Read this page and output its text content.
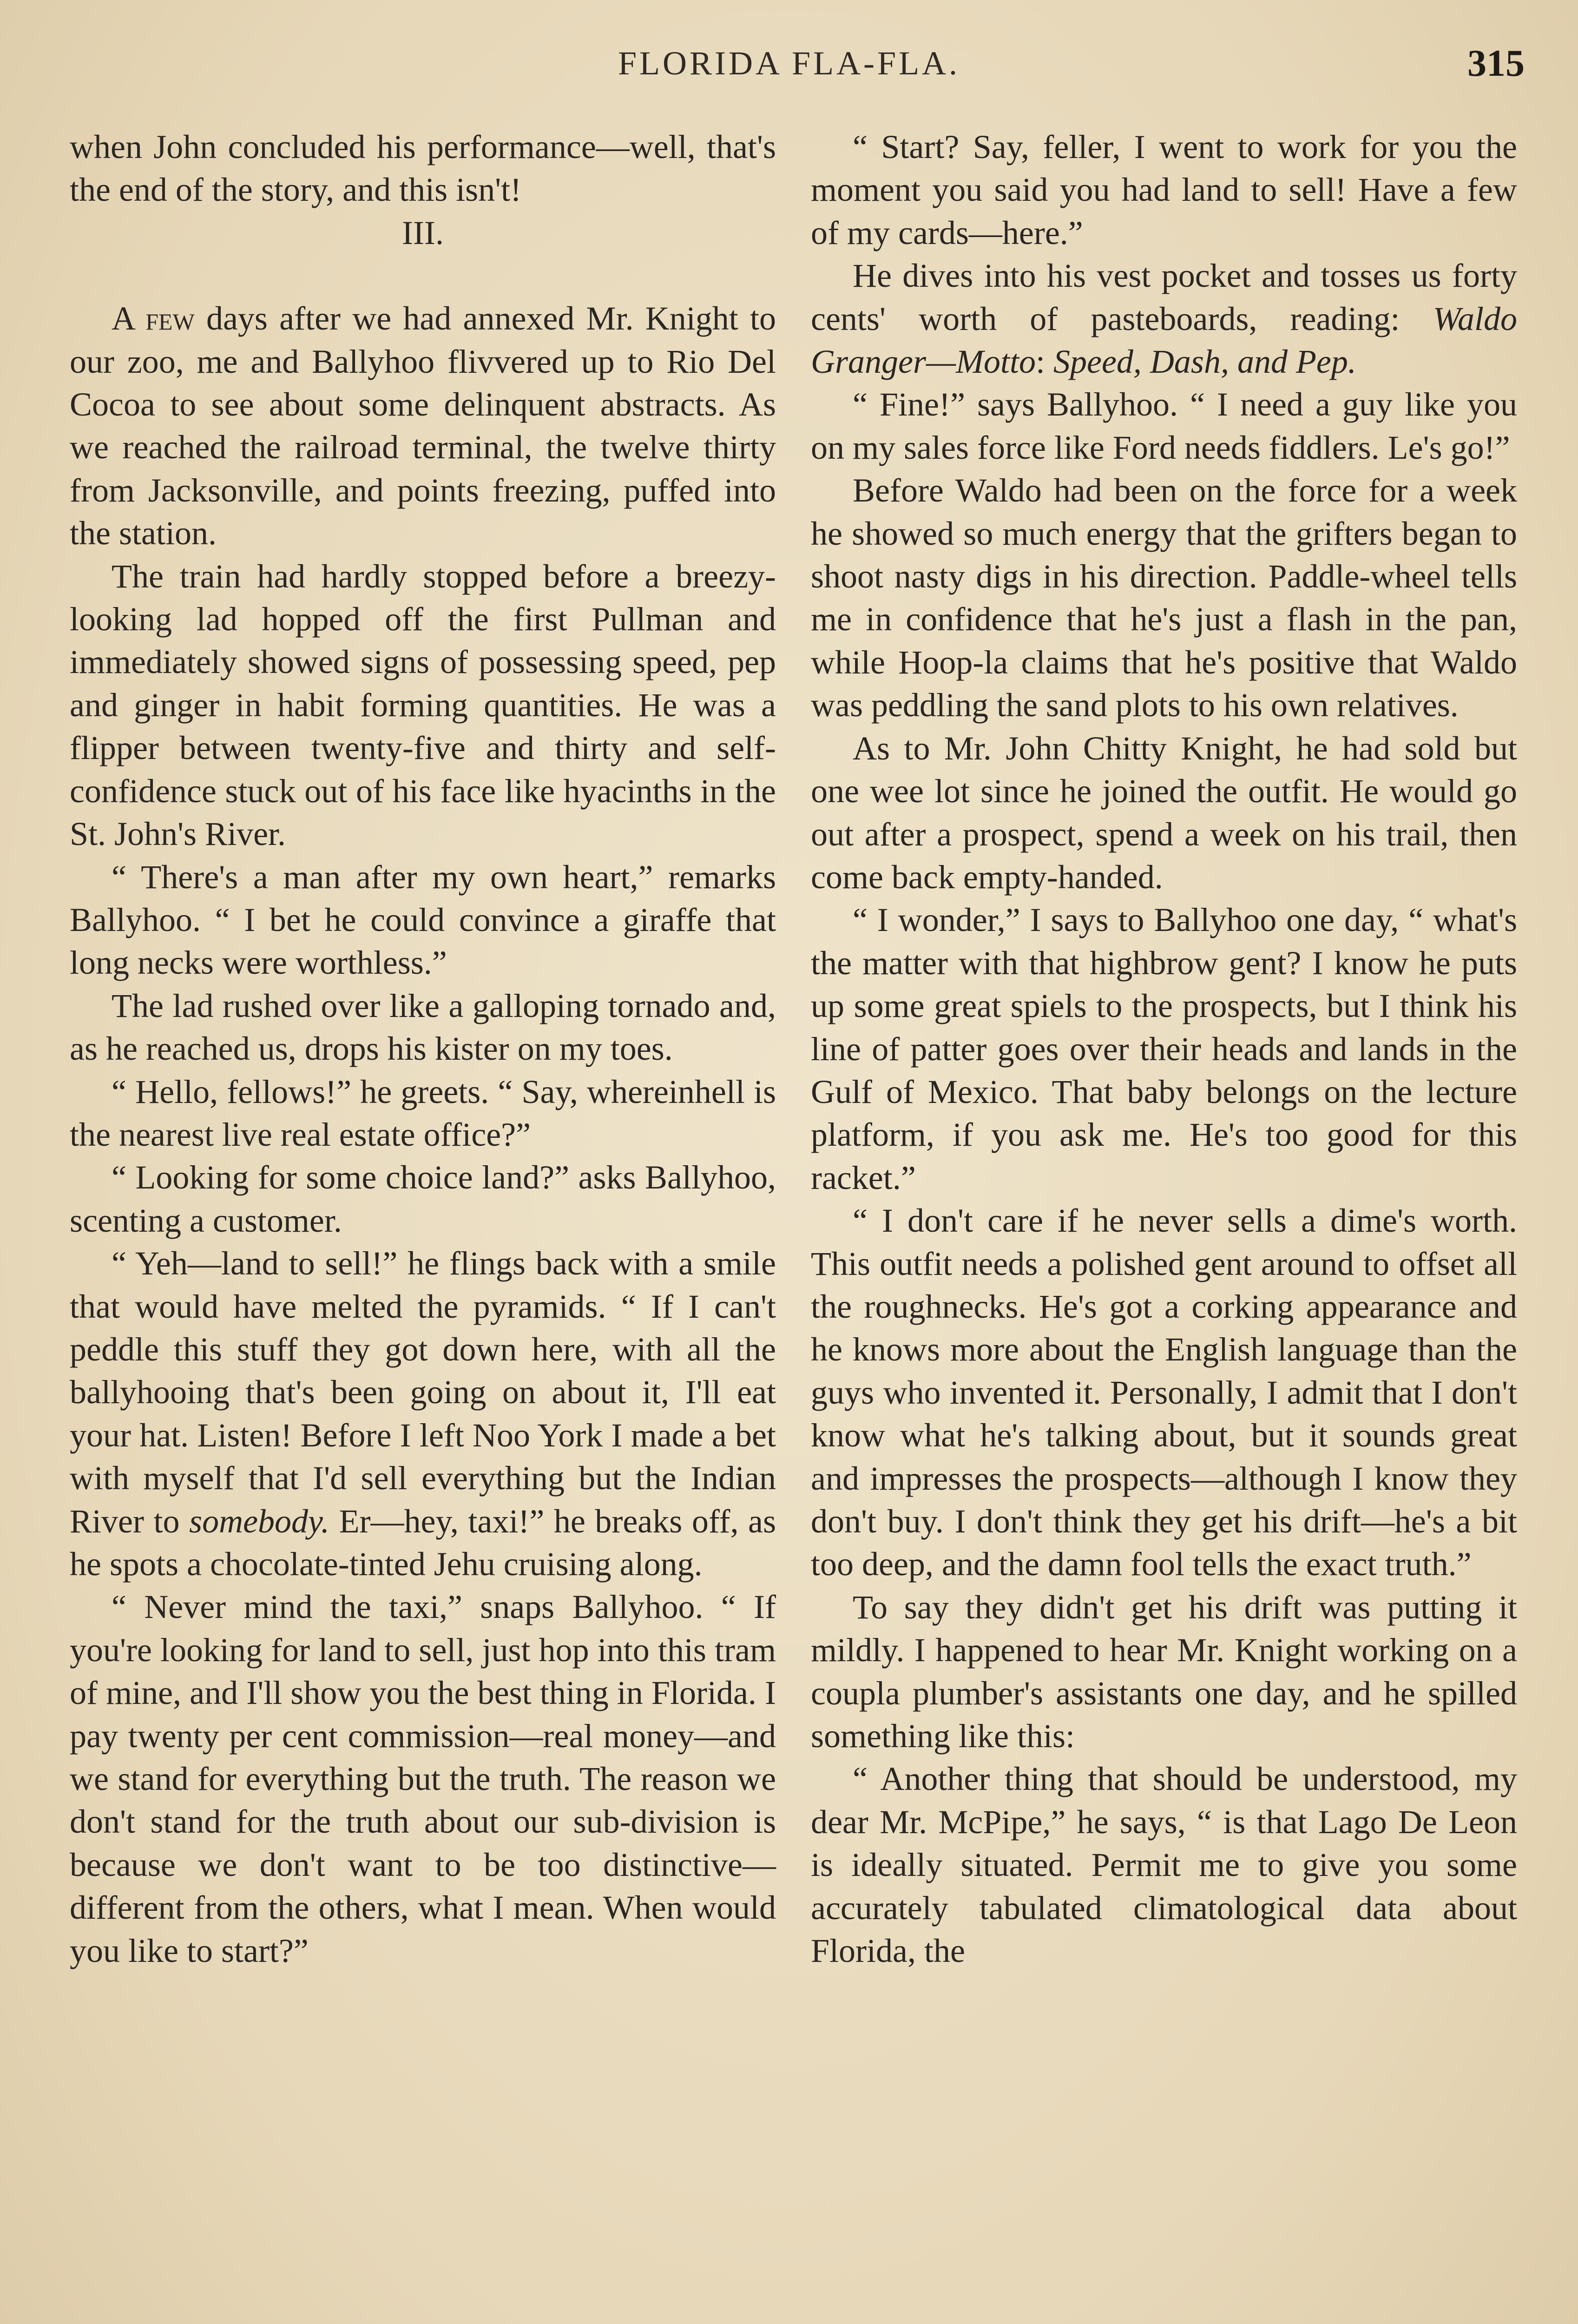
FLORIDA FLA-FLA.	315

when John concluded his performance—well, that's the end of the story, and this isn't!

III.

A few days after we had annexed Mr. Knight to our zoo, me and Ballyhoo flivvered up to Rio Del Cocoa to see about some delinquent abstracts. As we reached the railroad terminal, the twelve thirty from Jacksonville, and points freezing, puffed into the station.

The train had hardly stopped before a breezy-looking lad hopped off the first Pullman and immediately showed signs of possessing speed, pep and ginger in habit forming quantities. He was a flipper between twenty-five and thirty and self-confidence stuck out of his face like hyacinths in the St. John's River.

“ There's a man after my own heart,” remarks Ballyhoo. “ I bet he could convince a giraffe that long necks were worthless.”

The lad rushed over like a galloping tornado and, as he reached us, drops his kister on my toes.

“ Hello, fellows!” he greets. “ Say, whereinhell is the nearest live real estate office?”

“ Looking for some choice land?” asks Ballyhoo, scenting a customer.

“ Yeh—land to sell!” he flings back with a smile that would have melted the pyramids. “ If I can't peddle this stuff they got down here, with all the ballyhooing that's been going on about it, I'll eat your hat. Listen! Before I left Noo York I made a bet with myself that I'd sell everything but the Indian River to somebody. Er—hey, taxi!” he breaks off, as he spots a chocolate-tinted Jehu cruising along.

“ Never mind the taxi,” snaps Ballyhoo. “ If you're looking for land to sell, just hop into this tram of mine, and I'll show you the best thing in Florida. I pay twenty per cent commission—real money—and we stand for everything but the truth. The reason we don't stand for the truth about our sub-division is because we don't want to be too distinctive—different from the others, what I mean. When would you like to start?”

“ Start? Say, feller, I went to work for you the moment you said you had land to sell! Have a few of my cards—here.”

He dives into his vest pocket and tosses us forty cents' worth of pasteboards, reading: Waldo Granger—Motto: Speed, Dash, and Pep.

“ Fine!” says Ballyhoo. “ I need a guy like you on my sales force like Ford needs fiddlers. Le's go!”

Before Waldo had been on the force for a week he showed so much energy that the grifters began to shoot nasty digs in his direction. Paddle-wheel tells me in confidence that he's just a flash in the pan, while Hoop-la claims that he's positive that Waldo was peddling the sand plots to his own relatives.

As to Mr. John Chitty Knight, he had sold but one wee lot since he joined the outfit. He would go out after a prospect, spend a week on his trail, then come back empty-handed.

“ I wonder,” I says to Ballyhoo one day, “ what's the matter with that highbrow gent? I know he puts up some great spiels to the prospects, but I think his line of patter goes over their heads and lands in the Gulf of Mexico. That baby belongs on the lecture platform, if you ask me. He's too good for this racket.”

“ I don't care if he never sells a dime's worth. This outfit needs a polished gent around to offset all the roughnecks. He's got a corking appearance and he knows more about the English language than the guys who invented it. Personally, I admit that I don't know what he's talking about, but it sounds great and impresses the prospects—although I know they don't buy. I don't think they get his drift—he's a bit too deep, and the damn fool tells the exact truth.”

To say they didn't get his drift was putting it mildly. I happened to hear Mr. Knight working on a coupla plumber's assistants one day, and he spilled something like this:

“ Another thing that should be understood, my dear Mr. McPipe,” he says, “ is that Lago De Leon is ideally situated. Permit me to give you some accurately tabulated climatological data about Florida, the
